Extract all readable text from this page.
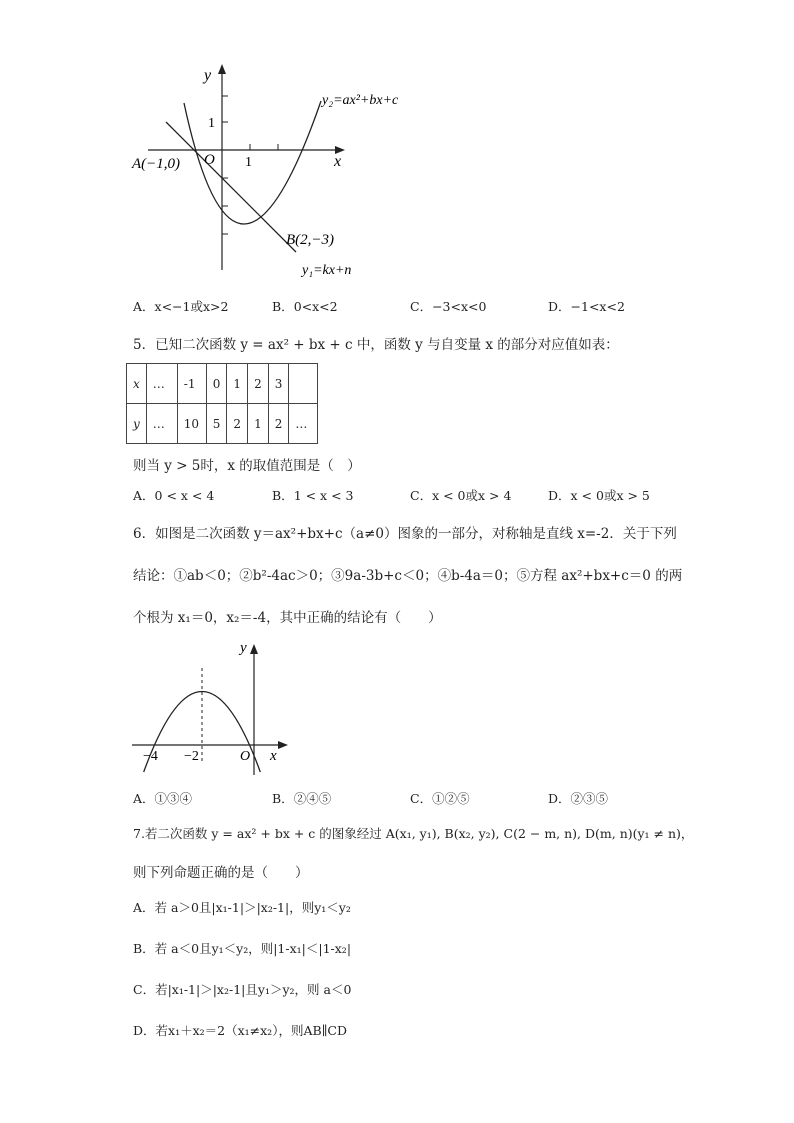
y
x
1
1
O
A(−1,0)
B(2,−3)
y₂=ax²+bx+c
y₁=kx+n
A．x<−1或x>2	B．0<x<2	C．−3<x<0	D．−1<x<2
5．已知二次函数 y = ax² + bx + c 中，函数 y 与自变量 x 的部分对应值如表：
x	…	-1	0	1	2	3	
y	…	10	5	2	1	2	…
则当 y > 5时，x 的取值范围是（　）
A．0 < x < 4	B．1 < x < 3	C．x < 0或x > 4	D．x < 0或x > 5
6．如图是二次函数 y＝ax²+bx+c（a≠0）图象的一部分，对称轴是直线 x=-2．关于下列
结论：①ab＜0；②b²-4ac＞0；③9a-3b+c＜0；④b-4a＝0；⑤方程 ax²+bx+c＝0 的两
个根为 x₁＝0，x₂＝-4，其中正确的结论有（　　）
y
x
O
−4 −2
A．①③④	B．②④⑤	C．①②⑤	D．②③⑤
7.若二次函数 y = ax² + bx + c 的图象经过 A(x₁, y₁), B(x₂, y₂), C(2 − m, n), D(m, n)(y₁ ≠ n)，
则下列命题正确的是（　　）
A．若 a＞0且|x₁-1|＞|x₂-1|，则y₁＜y₂
B．若 a＜0且y₁＜y₂，则|1-x₁|＜|1-x₂|
C．若|x₁-1|＞|x₂-1|且y₁＞y₂，则 a＜0
D．若x₁＋x₂＝2（x₁≠x₂），则AB∥CD
